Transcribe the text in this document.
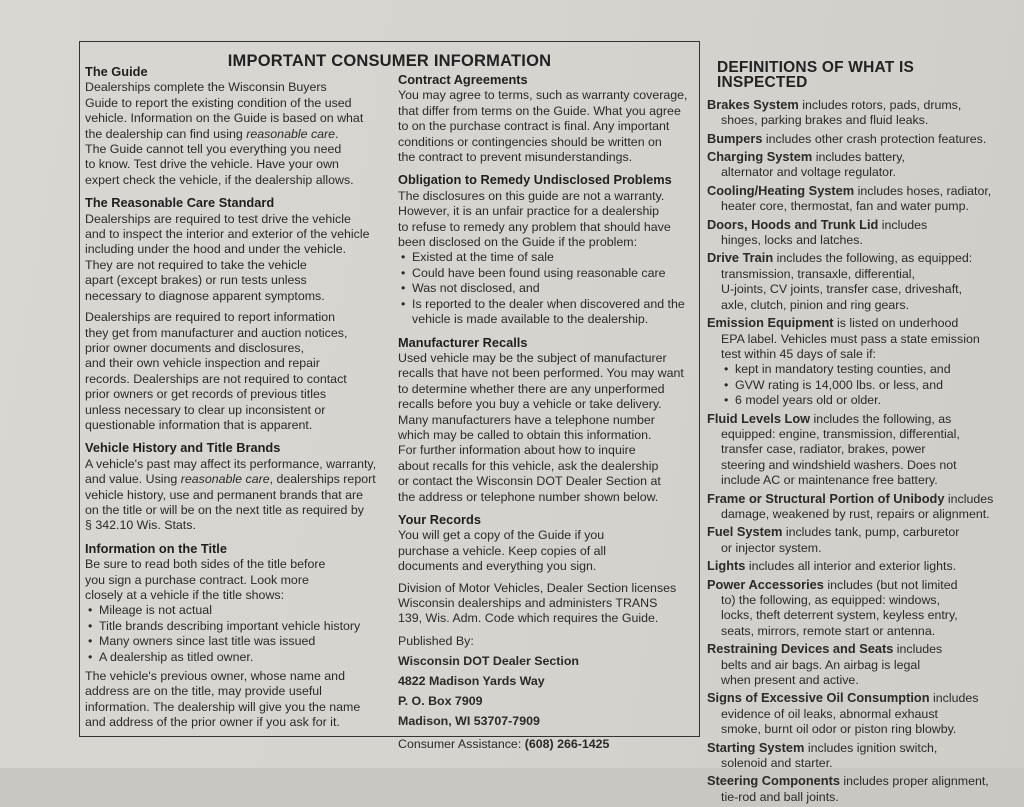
IMPORTANT CONSUMER INFORMATION
The Guide
Dealerships complete the Wisconsin Buyers
Guide to report the existing condition of the used
vehicle. Information on the Guide is based on what
the dealership can find using reasonable care.
The Guide cannot tell you everything you need
to know. Test drive the vehicle. Have your own
expert check the vehicle, if the dealership allows.
The Reasonable Care Standard
Dealerships are required to test drive the vehicle
and to inspect the interior and exterior of the vehicle
including under the hood and under the vehicle.
They are not required to take the vehicle
apart (except brakes) or run tests unless
necessary to diagnose apparent symptoms.
Dealerships are required to report information
they get from manufacturer and auction notices,
prior owner documents and disclosures,
and their own vehicle inspection and repair
records. Dealerships are not required to contact
prior owners or get records of previous titles
unless necessary to clear up inconsistent or
questionable information that is apparent.
Vehicle History and Title Brands
A vehicle's past may affect its performance, warranty,
and value. Using reasonable care, dealerships report
vehicle history, use and permanent brands that are
on the title or will be on the next title as required by
§ 342.10 Wis. Stats.
Information on the Title
Be sure to read both sides of the title before
you sign a purchase contract. Look more
closely at a vehicle if the title shows:
• Mileage is not actual
• Title brands describing important vehicle history
• Many owners since last title was issued
• A dealership as titled owner.
The vehicle's previous owner, whose name and
address are on the title, may provide useful
information. The dealership will give you the name
and address of the prior owner if you ask for it.
Contract Agreements
You may agree to terms, such as warranty coverage,
that differ from terms on the Guide. What you agree
to on the purchase contract is final. Any important
conditions or contingencies should be written on
the contract to prevent misunderstandings.
Obligation to Remedy Undisclosed Problems
The disclosures on this guide are not a warranty.
However, it is an unfair practice for a dealership
to refuse to remedy any problem that should have
been disclosed on the Guide if the problem:
• Existed at the time of sale
• Could have been found using reasonable care
• Was not disclosed, and
• Is reported to the dealer when discovered and the vehicle is made available to the dealership.
Manufacturer Recalls
Used vehicle may be the subject of manufacturer
recalls that have not been performed. You may want
to determine whether there are any unperformed
recalls before you buy a vehicle or take delivery.
Many manufacturers have a telephone number
which may be called to obtain this information.
For further information about how to inquire
about recalls for this vehicle, ask the dealership
or contact the Wisconsin DOT Dealer Section at
the address or telephone number shown below.
Your Records
You will get a copy of the Guide if you
purchase a vehicle. Keep copies of all
documents and everything you sign.
Division of Motor Vehicles, Dealer Section licenses
Wisconsin dealerships and administers TRANS
139, Wis. Adm. Code which requires the Guide.
Published By:
Wisconsin DOT Dealer Section
4822 Madison Yards Way
P. O. Box 7909
Madison, WI 53707-7909
Consumer Assistance: (608) 266-1425
DEFINITIONS OF WHAT IS INSPECTED
Brakes System includes rotors, pads, drums,
shoes, parking brakes and fluid leaks.
Bumpers includes other crash protection features.
Charging System includes battery,
alternator and voltage regulator.
Cooling/Heating System includes hoses, radiator,
heater core, thermostat, fan and water pump.
Doors, Hoods and Trunk Lid includes
hinges, locks and latches.
Drive Train includes the following, as equipped:
transmission, transaxle, differential,
U-joints, CV joints, transfer case, driveshaft,
axle, clutch, pinion and ring gears.
Emission Equipment is listed on underhood
EPA label. Vehicles must pass a state emission
test within 45 days of sale if:
• kept in mandatory testing counties, and
• GVW rating is 14,000 lbs. or less, and
• 6 model years old or older.
Fluid Levels Low includes the following, as
equipped: engine, transmission, differential,
transfer case, radiator, brakes, power
steering and windshield washers. Does not
include AC or maintenance free battery.
Frame or Structural Portion of Unibody includes
damage, weakened by rust, repairs or alignment.
Fuel System includes tank, pump, carburetor
or injector system.
Lights includes all interior and exterior lights.
Power Accessories includes (but not limited
to) the following, as equipped: windows,
locks, theft deterrent system, keyless entry,
seats, mirrors, remote start or antenna.
Restraining Devices and Seats includes
belts and air bags. An airbag is legal
when present and active.
Signs of Excessive Oil Consumption includes
evidence of oil leaks, abnormal exhaust
smoke, burnt oil odor or piston ring blowby.
Starting System includes ignition switch,
solenoid and starter.
Steering Components includes proper alignment,
tie-rod and ball joints.
